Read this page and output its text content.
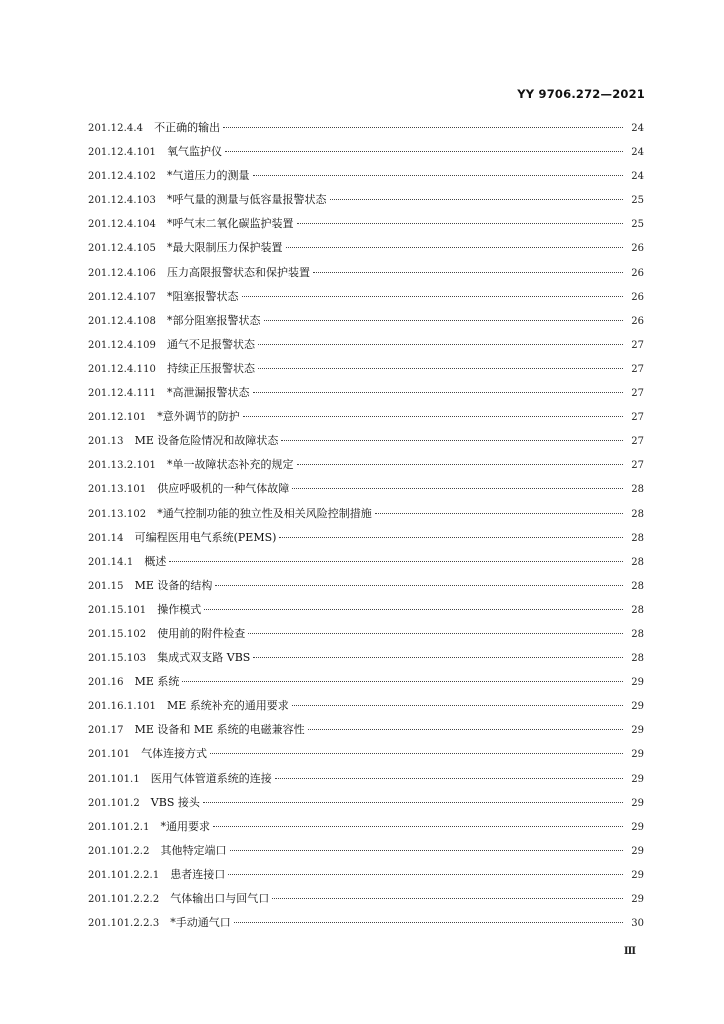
YY 9706.272—2021
201.12.4.4 不正确的输出	24
201.12.4.101 氧气监护仪	24
201.12.4.102 *气道压力的测量	24
201.12.4.103 *呼气量的测量与低容量报警状态	25
201.12.4.104 *呼气末二氧化碳监护装置	25
201.12.4.105 *最大限制压力保护装置	26
201.12.4.106 压力高限报警状态和保护装置	26
201.12.4.107 *阻塞报警状态	26
201.12.4.108 *部分阻塞报警状态	26
201.12.4.109 通气不足报警状态	27
201.12.4.110 持续正压报警状态	27
201.12.4.111 *高泄漏报警状态	27
201.12.101 *意外调节的防护	27
201.13 ME 设备危险情况和故障状态	27
201.13.2.101 *单一故障状态补充的规定	27
201.13.101 供应呼吸机的一种气体故障	28
201.13.102 *通气控制功能的独立性及相关风险控制措施	28
201.14 可编程医用电气系统(PEMS)	28
201.14.1 概述	28
201.15 ME 设备的结构	28
201.15.101 操作模式	28
201.15.102 使用前的附件检查	28
201.15.103 集成式双支路 VBS	28
201.16 ME 系统	29
201.16.1.101 ME 系统补充的通用要求	29
201.17 ME 设备和 ME 系统的电磁兼容性	29
201.101 气体连接方式	29
201.101.1 医用气体管道系统的连接	29
201.101.2 VBS 接头	29
201.101.2.1 *通用要求	29
201.101.2.2 其他特定端口	29
201.101.2.2.1 患者连接口	29
201.101.2.2.2 气体输出口与回气口	29
201.101.2.2.3 *手动通气口	30
Ⅲ
